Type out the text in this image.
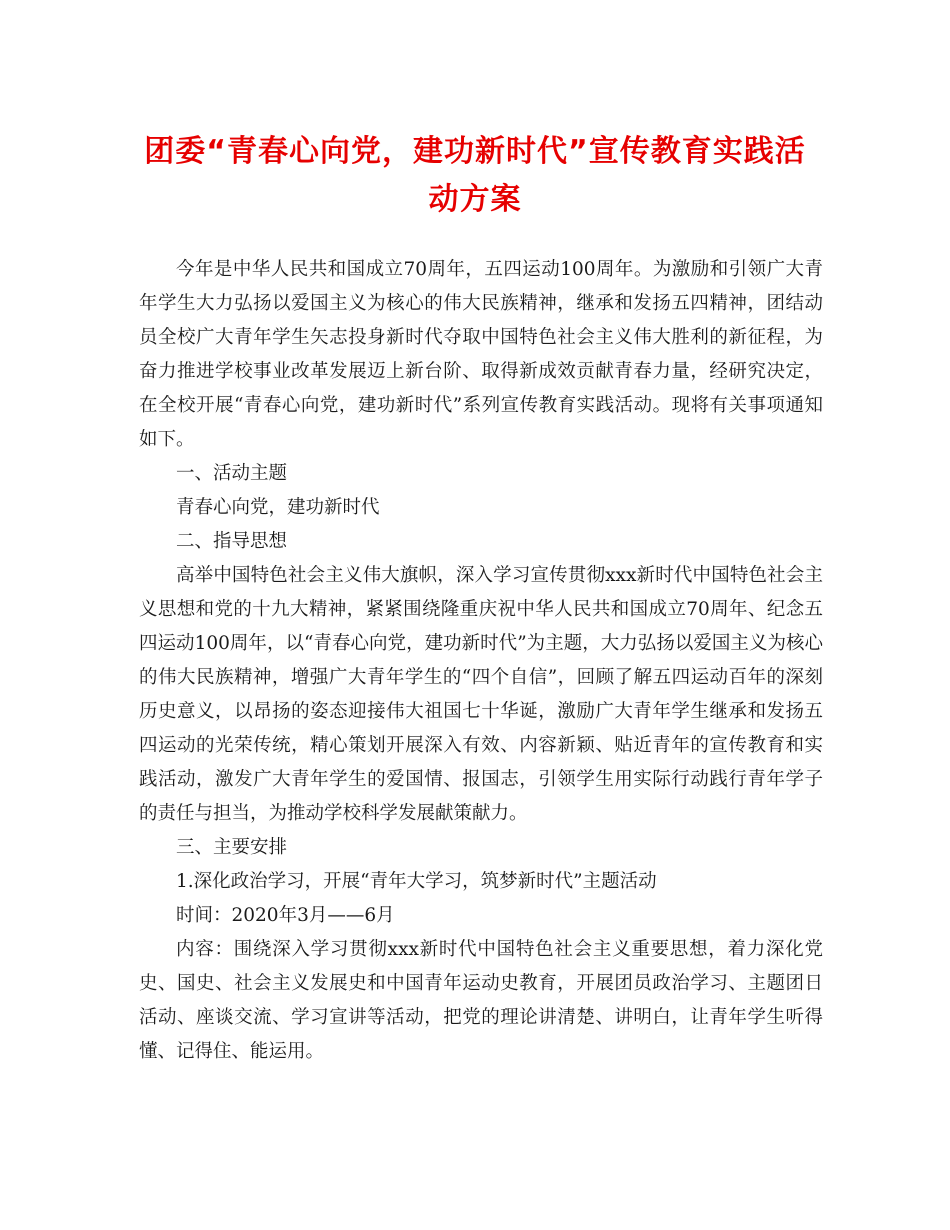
团委“青春心向党，建功新时代”宣传教育实践活动方案

今年是中华人民共和国成立70周年，五四运动100周年。为激励和引领广大青年学生大力弘扬以爱国主义为核心的伟大民族精神，继承和发扬五四精神，团结动员全校广大青年学生矢志投身新时代夺取中国特色社会主义伟大胜利的新征程，为奋力推进学校事业改革发展迈上新台阶、取得新成效贡献青春力量，经研究决定，在全校开展“青春心向党，建功新时代”系列宣传教育实践活动。现将有关事项通知如下。

一、活动主题

青春心向党，建功新时代

二、指导思想

高举中国特色社会主义伟大旗帜，深入学习宣传贯彻xxx新时代中国特色社会主义思想和党的十九大精神，紧紧围绕隆重庆祝中华人民共和国成立70周年、纪念五四运动100周年，以“青春心向党，建功新时代”为主题，大力弘扬以爱国主义为核心的伟大民族精神，增强广大青年学生的“四个自信”，回顾了解五四运动百年的深刻历史意义，以昂扬的姿态迎接伟大祖国七十华诞，激励广大青年学生继承和发扬五四运动的光荣传统，精心策划开展深入有效、内容新颖、贴近青年的宣传教育和实践活动，激发广大青年学生的爱国情、报国志，引领学生用实际行动践行青年学子的责任与担当，为推动学校科学发展献策献力。

三、主要安排

1.深化政治学习，开展“青年大学习，筑梦新时代”主题活动

时间：2020年3月——6月

内容：围绕深入学习贯彻xxx新时代中国特色社会主义重要思想，着力深化党史、国史、社会主义发展史和中国青年运动史教育，开展团员政治学习、主题团日活动、座谈交流、学习宣讲等活动，把党的理论讲清楚、讲明白，让青年学生听得懂、记得住、能运用。
